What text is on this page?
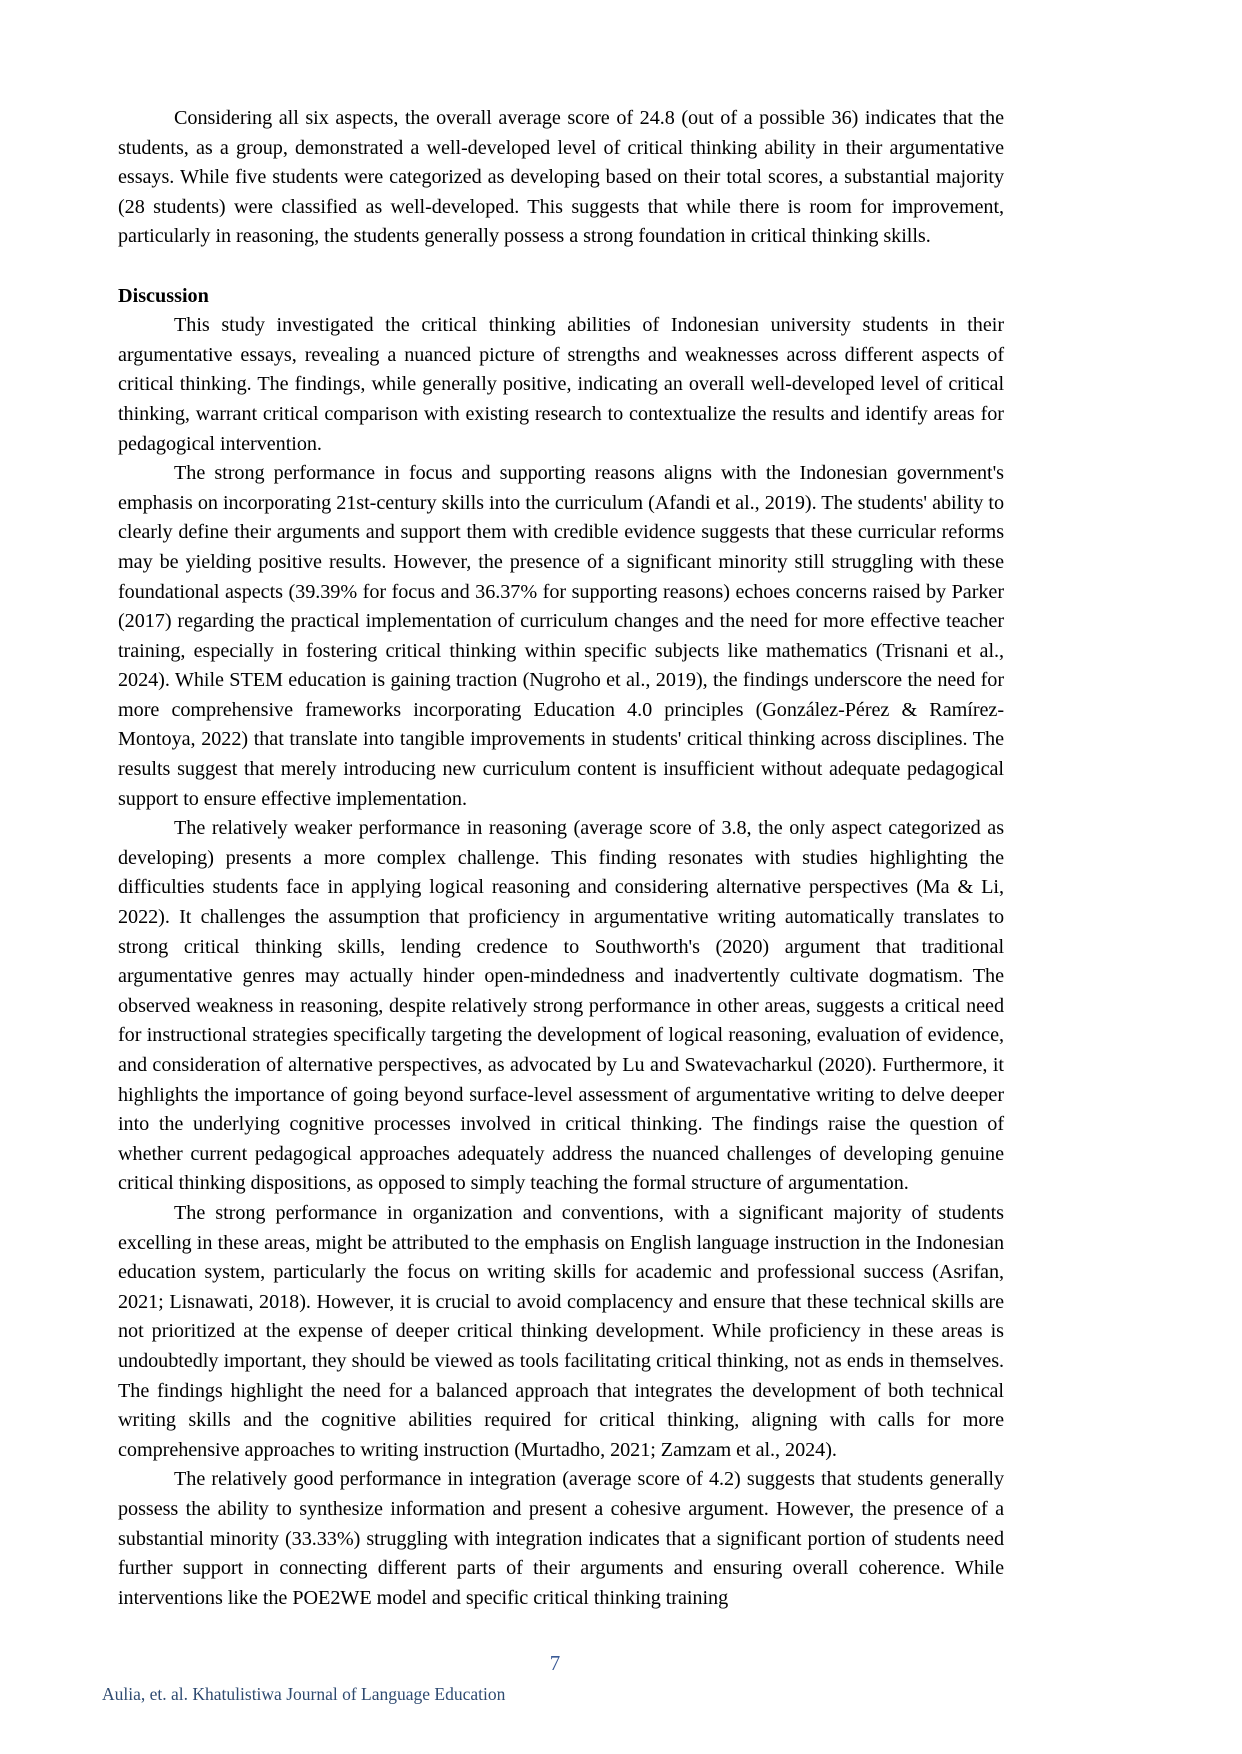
Considering all six aspects, the overall average score of 24.8 (out of a possible 36) indicates that the students, as a group, demonstrated a well-developed level of critical thinking ability in their argumentative essays. While five students were categorized as developing based on their total scores, a substantial majority (28 students) were classified as well-developed. This suggests that while there is room for improvement, particularly in reasoning, the students generally possess a strong foundation in critical thinking skills.

Discussion

This study investigated the critical thinking abilities of Indonesian university students in their argumentative essays, revealing a nuanced picture of strengths and weaknesses across different aspects of critical thinking. The findings, while generally positive, indicating an overall well-developed level of critical thinking, warrant critical comparison with existing research to contextualize the results and identify areas for pedagogical intervention.

The strong performance in focus and supporting reasons aligns with the Indonesian government's emphasis on incorporating 21st-century skills into the curriculum (Afandi et al., 2019). The students' ability to clearly define their arguments and support them with credible evidence suggests that these curricular reforms may be yielding positive results. However, the presence of a significant minority still struggling with these foundational aspects (39.39% for focus and 36.37% for supporting reasons) echoes concerns raised by Parker (2017) regarding the practical implementation of curriculum changes and the need for more effective teacher training, especially in fostering critical thinking within specific subjects like mathematics (Trisnani et al., 2024). While STEM education is gaining traction (Nugroho et al., 2019), the findings underscore the need for more comprehensive frameworks incorporating Education 4.0 principles (González-Pérez & Ramírez-Montoya, 2022) that translate into tangible improvements in students' critical thinking across disciplines. The results suggest that merely introducing new curriculum content is insufficient without adequate pedagogical support to ensure effective implementation.

The relatively weaker performance in reasoning (average score of 3.8, the only aspect categorized as developing) presents a more complex challenge. This finding resonates with studies highlighting the difficulties students face in applying logical reasoning and considering alternative perspectives (Ma & Li, 2022). It challenges the assumption that proficiency in argumentative writing automatically translates to strong critical thinking skills, lending credence to Southworth's (2020) argument that traditional argumentative genres may actually hinder open-mindedness and inadvertently cultivate dogmatism. The observed weakness in reasoning, despite relatively strong performance in other areas, suggests a critical need for instructional strategies specifically targeting the development of logical reasoning, evaluation of evidence, and consideration of alternative perspectives, as advocated by Lu and Swatevacharkul (2020). Furthermore, it highlights the importance of going beyond surface-level assessment of argumentative writing to delve deeper into the underlying cognitive processes involved in critical thinking. The findings raise the question of whether current pedagogical approaches adequately address the nuanced challenges of developing genuine critical thinking dispositions, as opposed to simply teaching the formal structure of argumentation.

The strong performance in organization and conventions, with a significant majority of students excelling in these areas, might be attributed to the emphasis on English language instruction in the Indonesian education system, particularly the focus on writing skills for academic and professional success (Asrifan, 2021; Lisnawati, 2018). However, it is crucial to avoid complacency and ensure that these technical skills are not prioritized at the expense of deeper critical thinking development. While proficiency in these areas is undoubtedly important, they should be viewed as tools facilitating critical thinking, not as ends in themselves. The findings highlight the need for a balanced approach that integrates the development of both technical writing skills and the cognitive abilities required for critical thinking, aligning with calls for more comprehensive approaches to writing instruction (Murtadho, 2021; Zamzam et al., 2024).

The relatively good performance in integration (average score of 4.2) suggests that students generally possess the ability to synthesize information and present a cohesive argument. However, the presence of a substantial minority (33.33%) struggling with integration indicates that a significant portion of students need further support in connecting different parts of their arguments and ensuring overall coherence. While interventions like the POE2WE model and specific critical thinking training

7
Aulia, et. al. Khatulistiwa Journal of Language Education
